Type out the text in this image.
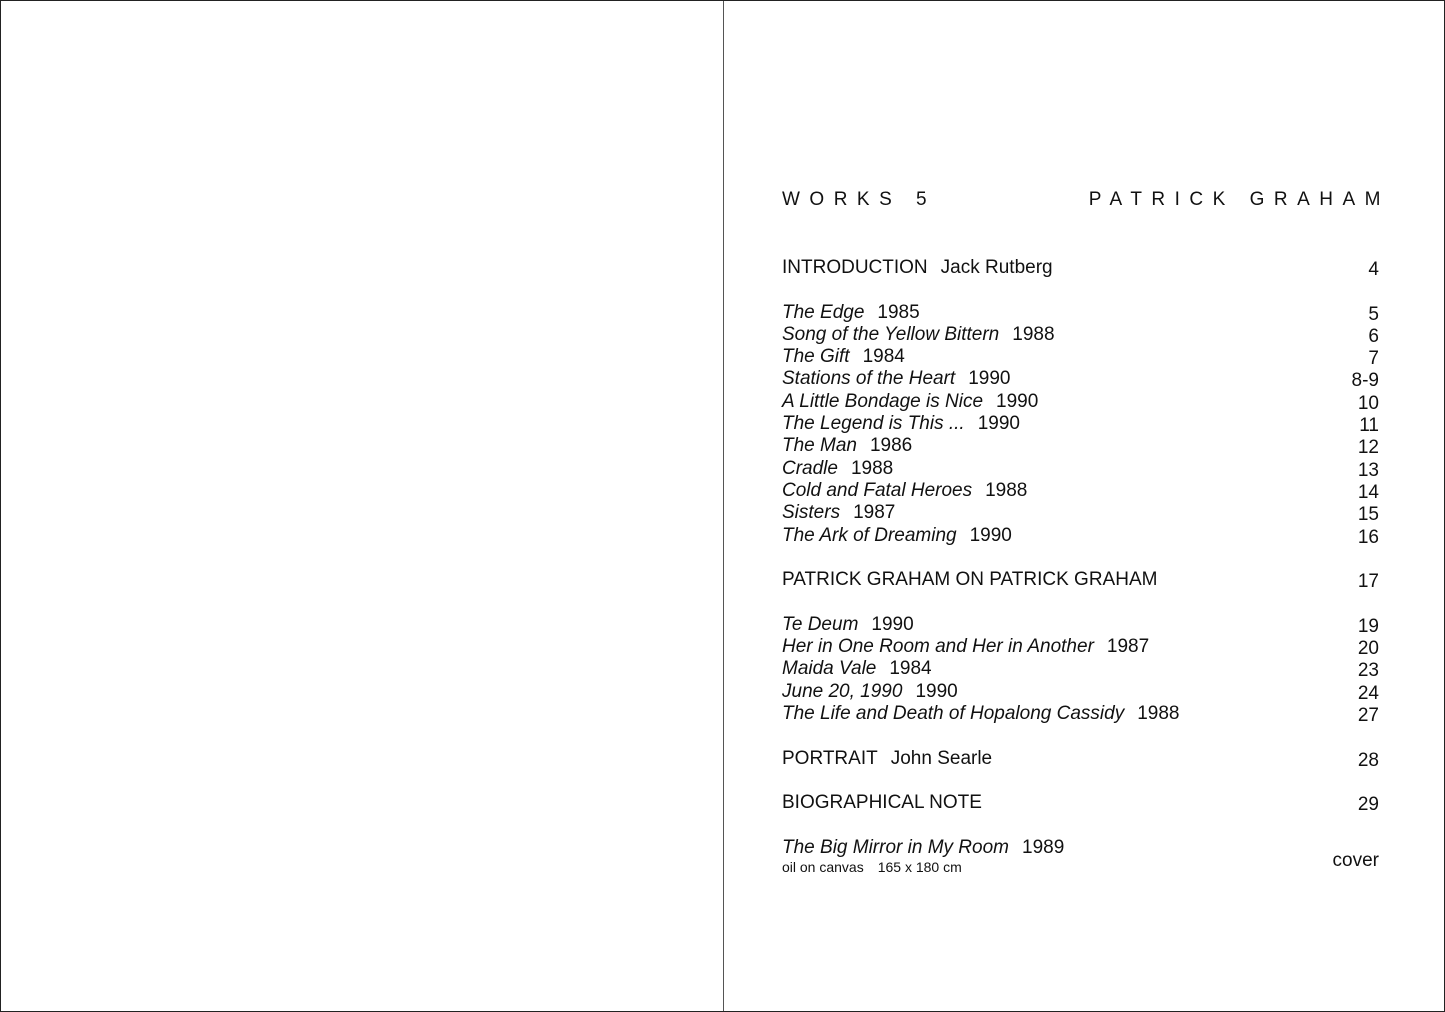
WORKS 5	PATRICK GRAHAM
INTRODUCTION Jack Rutberg	4
The Edge 1985	5
Song of the Yellow Bittern 1988	6
The Gift 1984	7
Stations of the Heart 1990	8-9
A Little Bondage is Nice 1990	10
The Legend is This ... 1990	11
The Man 1986	12
Cradle 1988	13
Cold and Fatal Heroes 1988	14
Sisters 1987	15
The Ark of Dreaming 1990	16
PATRICK GRAHAM ON PATRICK GRAHAM	17
Te Deum 1990	19
Her in One Room and Her in Another 1987	20
Maida Vale 1984	23
June 20, 1990 1990	24
The Life and Death of Hopalong Cassidy 1988	27
PORTRAIT John Searle	28
BIOGRAPHICAL NOTE	29
The Big Mirror in My Room 1989
oil on canvas 165 x 180 cm	cover
